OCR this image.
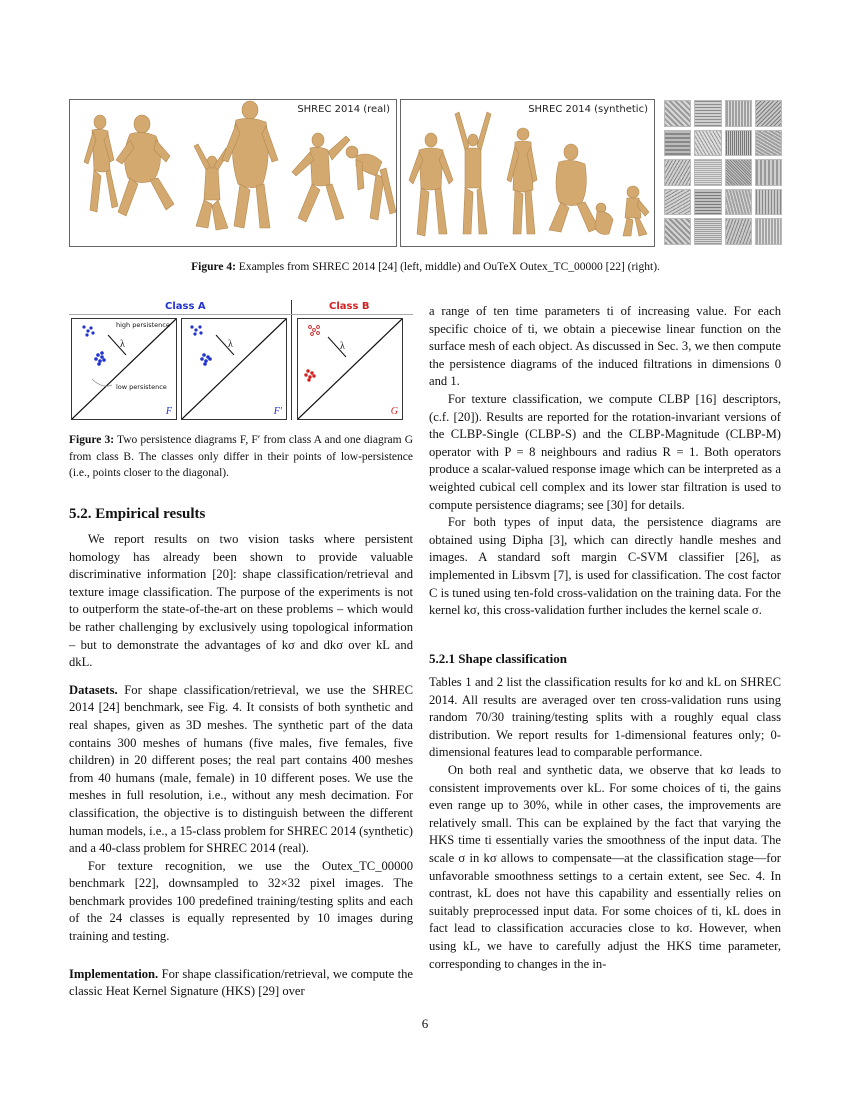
SHREC 2014 (real)	SHREC 2014 (synthetic)
Figure 4: Examples from SHREC 2014 [24] (left, middle) and OuTeX Outex_TC_00000 [22] (right).
Class A	Class B
high persistence
low persistence
λ
F
λ
F′
λ
G
Figure 3: Two persistence diagrams F, F′ from class A and one diagram G from class B. The classes only differ in their points of low-persistence (i.e., points closer to the diagonal).
5.2. Empirical results

We report results on two vision tasks where persistent homology has already been shown to provide valuable discriminative information [20]: shape classification/retrieval and texture image classification. The purpose of the experiments is not to outperform the state-of-the-art on these problems – which would be rather challenging by exclusively using topological information – but to demonstrate the advantages of kσ and dkσ over kL and dkL.

Datasets. For shape classification/retrieval, we use the SHREC 2014 [24] benchmark, see Fig. 4. It consists of both synthetic and real shapes, given as 3D meshes. The synthetic part of the data contains 300 meshes of humans (five males, five females, five children) in 20 different poses; the real part contains 400 meshes from 40 humans (male, female) in 10 different poses. We use the meshes in full resolution, i.e., without any mesh decimation. For classification, the objective is to distinguish between the different human models, i.e., a 15-class problem for SHREC 2014 (synthetic) and a 40-class problem for SHREC 2014 (real).

For texture recognition, we use the Outex_TC_00000 benchmark [22], downsampled to 32×32 pixel images. The benchmark provides 100 predefined training/testing splits and each of the 24 classes is equally represented by 10 images during training and testing.

Implementation. For shape classification/retrieval, we compute the classic Heat Kernel Signature (HKS) [29] over

a range of ten time parameters ti of increasing value. For each specific choice of ti, we obtain a piecewise linear function on the surface mesh of each object. As discussed in Sec. 3, we then compute the persistence diagrams of the induced filtrations in dimensions 0 and 1.

For texture classification, we compute CLBP [16] descriptors, (c.f. [20]). Results are reported for the rotation-invariant versions of the CLBP-Single (CLBP-S) and the CLBP-Magnitude (CLBP-M) operator with P = 8 neighbours and radius R = 1. Both operators produce a scalar-valued response image which can be interpreted as a weighted cubical cell complex and its lower star filtration is used to compute persistence diagrams; see [30] for details.

For both types of input data, the persistence diagrams are obtained using Dipha [3], which can directly handle meshes and images. A standard soft margin C-SVM classifier [26], as implemented in Libsvm [7], is used for classification. The cost factor C is tuned using ten-fold cross-validation on the training data. For the kernel kσ, this cross-validation further includes the kernel scale σ.

5.2.1 Shape classification

Tables 1 and 2 list the classification results for kσ and kL on SHREC 2014. All results are averaged over ten cross-validation runs using random 70/30 training/testing splits with a roughly equal class distribution. We report results for 1-dimensional features only; 0-dimensional features lead to comparable performance.

On both real and synthetic data, we observe that kσ leads to consistent improvements over kL. For some choices of ti, the gains even range up to 30%, while in other cases, the improvements are relatively small. This can be explained by the fact that varying the HKS time ti essentially varies the smoothness of the input data. The scale σ in kσ allows to compensate—at the classification stage—for unfavorable smoothness settings to a certain extent, see Sec. 4. In contrast, kL does not have this capability and essentially relies on suitably preprocessed input data. For some choices of ti, kL does in fact lead to classification accuracies close to kσ. However, when using kL, we have to carefully adjust the HKS time parameter, corresponding to changes in the in-

6
